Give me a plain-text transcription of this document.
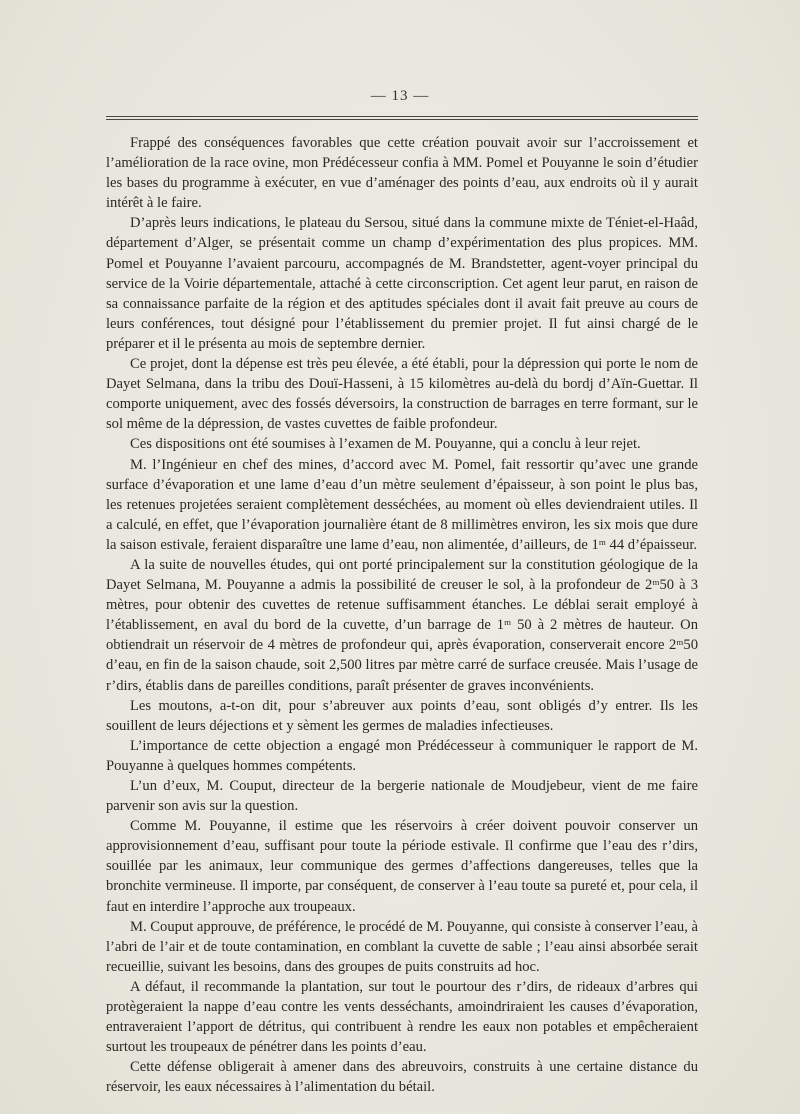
— 13 —

Frappé des conséquences favorables que cette création pouvait avoir sur l’accroissement et l’amélioration de la race ovine, mon Prédécesseur confia à MM. Pomel et Pouyanne le soin d’étudier les bases du programme à exécuter, en vue d’aménager des points d’eau, aux endroits où il y aurait intérêt à le faire.

D’après leurs indications, le plateau du Sersou, situé dans la commune mixte de Téniet-el-Haâd, département d’Alger, se présentait comme un champ d’expérimentation des plus propices. MM. Pomel et Pouyanne l’avaient parcouru, accompagnés de M. Brandstetter, agent-voyer principal du service de la Voirie départementale, attaché à cette circonscription. Cet agent leur parut, en raison de sa connaissance parfaite de la région et des aptitudes spéciales dont il avait fait preuve au cours de leurs conférences, tout désigné pour l’établissement du premier projet. Il fut ainsi chargé de le préparer et il le présenta au mois de septembre dernier.

Ce projet, dont la dépense est très peu élevée, a été établi, pour la dépression qui porte le nom de Dayet Selmana, dans la tribu des Douï-Hasseni, à 15 kilomètres au-delà du bordj d’Aïn-Guettar. Il comporte uniquement, avec des fossés déversoirs, la construction de barrages en terre formant, sur le sol même de la dépression, de vastes cuvettes de faible profondeur.

Ces dispositions ont été soumises à l’examen de M. Pouyanne, qui a conclu à leur rejet.

M. l’Ingénieur en chef des mines, d’accord avec M. Pomel, fait ressortir qu’avec une grande surface d’évaporation et une lame d’eau d’un mètre seulement d’épaisseur, à son point le plus bas, les retenues projetées seraient complètement desséchées, au moment où elles deviendraient utiles. Il a calculé, en effet, que l’évaporation journalière étant de 8 millimètres environ, les six mois que dure la saison estivale, feraient disparaître une lame d’eau, non alimentée, d’ailleurs, de 1ᵐ 44 d’épaisseur.

A la suite de nouvelles études, qui ont porté principalement sur la constitution géologique de la Dayet Selmana, M. Pouyanne a admis la possibilité de creuser le sol, à la profondeur de 2ᵐ50 à 3 mètres, pour obtenir des cuvettes de retenue suffisamment étanches. Le déblai serait employé à l’établissement, en aval du bord de la cuvette, d’un barrage de 1ᵐ 50 à 2 mètres de hauteur. On obtiendrait un réservoir de 4 mètres de profondeur qui, après évaporation, conserverait encore 2ᵐ50 d’eau, en fin de la saison chaude, soit 2,500 litres par mètre carré de surface creusée. Mais l’usage de r’dirs, établis dans de pareilles conditions, paraît présenter de graves inconvénients.

Les moutons, a-t-on dit, pour s’abreuver aux points d’eau, sont obligés d’y entrer. Ils les souillent de leurs déjections et y sèment les germes de maladies infectieuses.

L’importance de cette objection a engagé mon Prédécesseur à communiquer le rapport de M. Pouyanne à quelques hommes compétents.

L’un d’eux, M. Couput, directeur de la bergerie nationale de Moudjebeur, vient de me faire parvenir son avis sur la question.

Comme M. Pouyanne, il estime que les réservoirs à créer doivent pouvoir conserver un approvisionnement d’eau, suffisant pour toute la période estivale. Il confirme que l’eau des r’dirs, souillée par les animaux, leur communique des germes d’affections dangereuses, telles que la bronchite vermineuse. Il importe, par conséquent, de conserver à l’eau toute sa pureté et, pour cela, il faut en interdire l’approche aux troupeaux.

M. Couput approuve, de préférence, le procédé de M. Pouyanne, qui consiste à conserver l’eau, à l’abri de l’air et de toute contamination, en comblant la cuvette de sable ; l’eau ainsi absorbée serait recueillie, suivant les besoins, dans des groupes de puits construits ad hoc.

A défaut, il recommande la plantation, sur tout le pourtour des r’dirs, de rideaux d’arbres qui protègeraient la nappe d’eau contre les vents desséchants, amoindriraient les causes d’évaporation, entraveraient l’apport de détritus, qui contribuent à rendre les eaux non potables et empêcheraient surtout les troupeaux de pénétrer dans les points d’eau.

Cette défense obligerait à amener dans des abreuvoirs, construits à une certaine distance du réservoir, les eaux nécessaires à l’alimentation du bétail.
